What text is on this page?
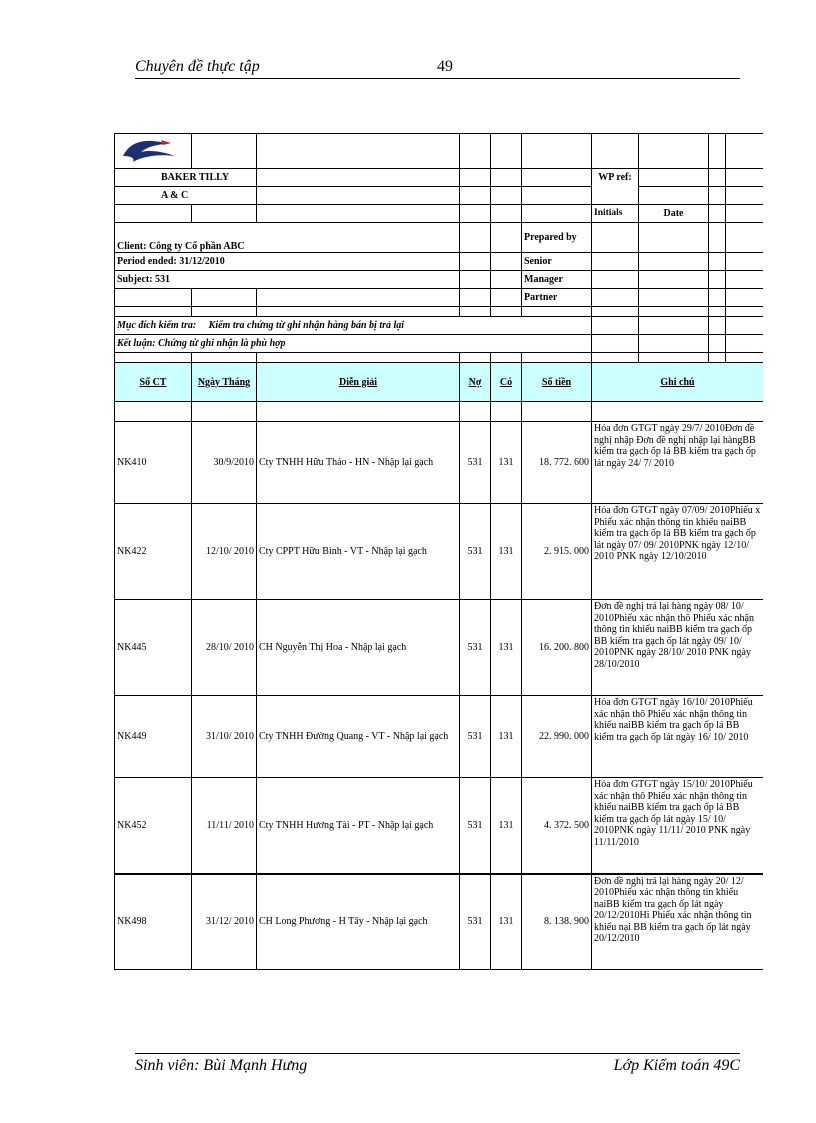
Chuyên đề thực tập	49

BAKER TILLY						WP ref:			
A & C									
						Initials	Date		
Client: Công ty Cổ phần ABC					Prepared by				
Period ended: 31/12/2010					Senior				
Subject: 531					Manager				
					Partner				

Mục đích kiểm tra: Kiểm tra chứng từ ghi nhận hàng bán bị trả lại									
Kết luận: Chứng từ ghi nhận là phù hợp									

Số CT	Ngày Tháng	Diễn giải	Nợ	Có	Số tiền	Ghi chú			

NK410	30/9/2010	Cty TNHH Hữu Thảo - HN - Nhập lại gạch	531	131	18. 772. 600	Hóa đơn GTGT ngày 29/7/ 2010Đơn đề nghị nhập Đơn đề nghị nhập lại hàngBB kiểm tra gạch ốp lá BB kiểm tra gạch ốp lát ngày 24/ 7/ 2010			
NK422	12/10/ 2010	Cty CPPT Hữu Bình - VT - Nhập lại gạch	531	131	2. 915. 000	Hóa đơn GTGT ngày 07/09/ 2010Phiếu x Phiếu xác nhận thông tin khiếu naiBB kiểm tra gạch ốp lá BB kiểm tra gạch ốp lát ngày 07/ 09/ 2010PNK ngày 12/10/ 2010 PNK ngày 12/10/2010			
NK445	28/10/ 2010	CH Nguyễn Thị Hoa - Nhập lại gạch	531	131	16. 200. 800	Đơn đề nghị trả lại hàng ngày 08/ 10/ 2010Phiếu xác nhận thô Phiếu xác nhận thông tin khiếu naiBB kiểm tra gạch ốp BB kiểm tra gạch ốp lát ngày 09/ 10/ 2010PNK ngày 28/10/ 2010 PNK ngày 28/10/2010			
NK449	31/10/ 2010	Cty TNHH Đường Quang - VT - Nhập lại gạch	531	131	22. 990. 000	Hóa đơn GTGT ngày 16/10/ 2010Phiếu xác nhận thô Phiếu xác nhận thông tin khiếu naiBB kiểm tra gạch ốp lá BB kiểm tra gạch ốp lát ngày 16/ 10/ 2010			
NK452	11/11/ 2010	Cty TNHH Hương Tài - PT - Nhập lại gạch	531	131	4. 372. 500	Hóa đơn GTGT ngày 15/10/ 2010Phiếu xác nhận thô Phiếu xác nhận thông tin khiếu naiBB kiểm tra gạch ốp lá BB kiểm tra gạch ốp lát ngày 15/ 10/ 2010PNK ngày 11/11/ 2010 PNK ngày 11/11/2010			
NK498	31/12/ 2010	CH Long Phương - H Tây - Nhập lại gạch	531	131	8. 138. 900	Đơn đề nghị trả lại hàng ngày 20/ 12/ 2010Phiếu xác nhận thông tin khiếu naiBB kiểm tra gạch ốp lát ngày 20/12/2010Hi Phiếu xác nhận thông tin khiếu nại BB kiểm tra gạch ốp lát ngày 20/12/2010			
Sinh viên: Bùi Mạnh Hưng	Lớp Kiểm toán 49C
